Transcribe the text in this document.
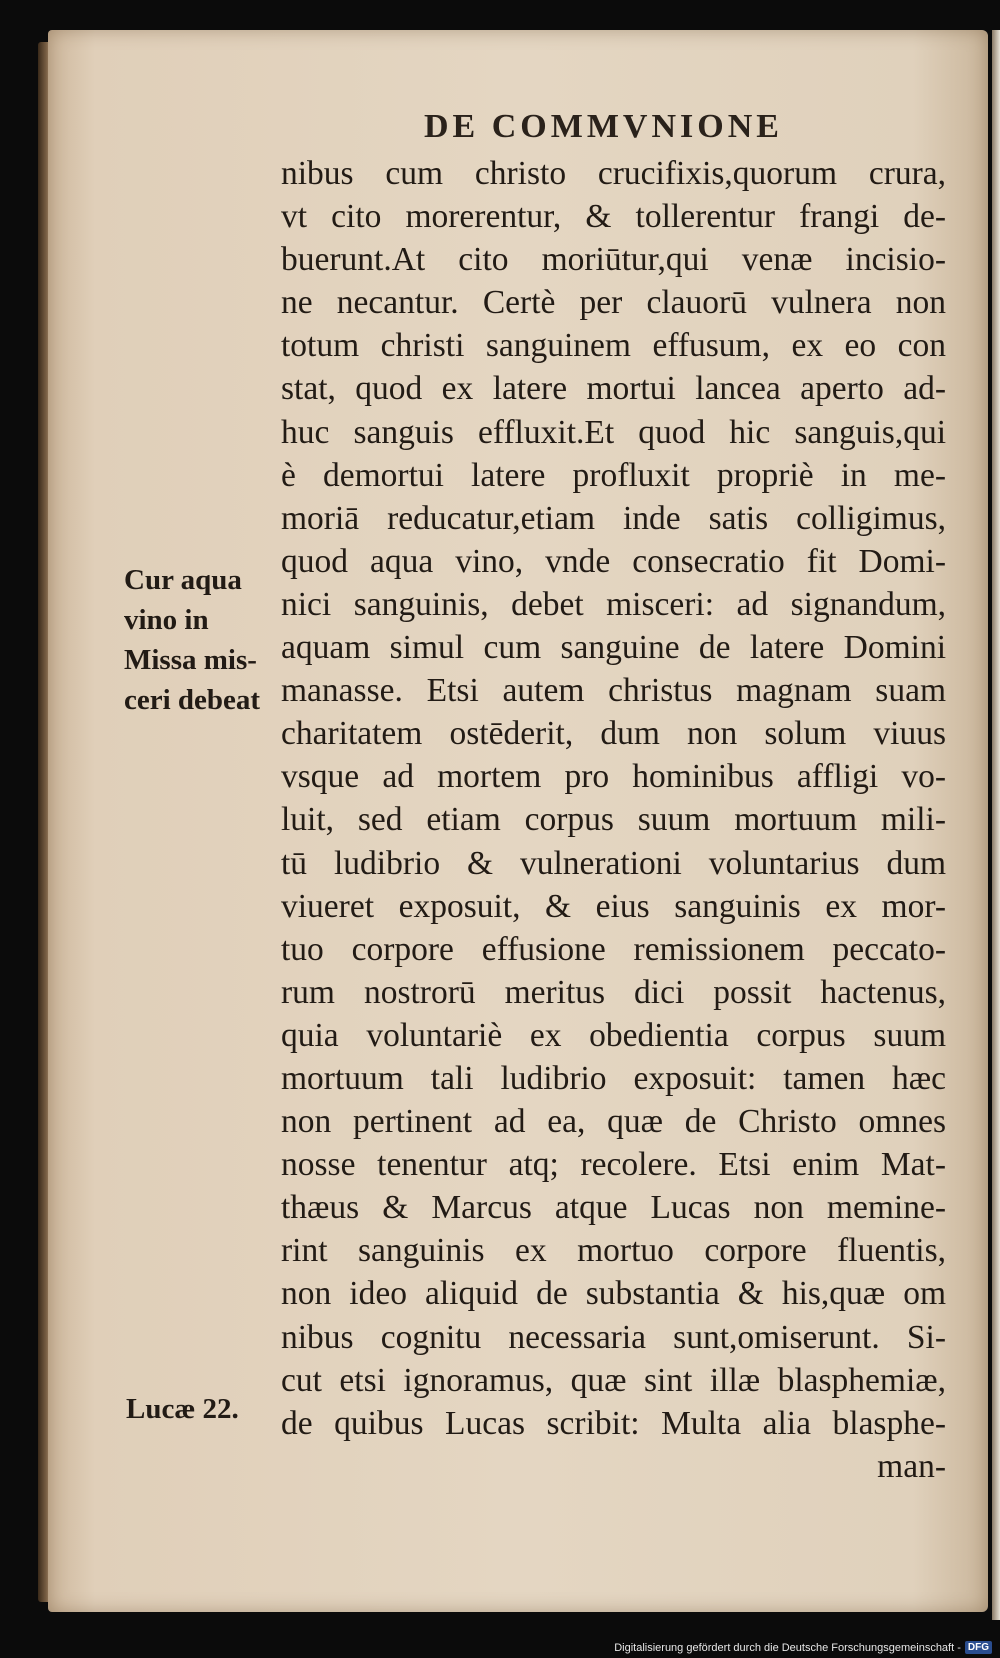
DE COMMVNIONE
nibus cum christo crucifixis,quorum crura,
vt cito morerentur, & tollerentur frangi de-
buerunt.At cito moriūtur,qui venæ incisio-
ne necantur. Certè per clauorū vulnera non
totum christi sanguinem effusum, ex eo con
stat, quod ex latere mortui lancea aperto ad-
huc sanguis effluxit.Et quod hic sanguis,qui
è demortui latere profluxit propriè in me-
moriā reducatur,etiam inde satis colligimus,
quod aqua vino, vnde consecratio fit Domi-
nici sanguinis, debet misceri: ad signandum,
aquam simul cum sanguine de latere Domini
manasse. Etsi autem christus magnam suam
charitatem ostēderit, dum non solum viuus
vsque ad mortem pro hominibus affligi vo-
luit, sed etiam corpus suum mortuum mili-
tū ludibrio & vulnerationi voluntarius dum
viueret exposuit, & eius sanguinis ex mor-
tuo corpore effusione remissionem peccato-
rum nostrorū meritus dici possit hactenus,
quia voluntariè ex obedientia corpus suum
mortuum tali ludibrio exposuit: tamen hæc
non pertinent ad ea, quæ de Christo omnes
nosse tenentur atq; recolere. Etsi enim Mat-
thæus & Marcus atque Lucas non memine-
rint sanguinis ex mortuo corpore fluentis,
non ideo aliquid de substantia & his,quæ om
nibus cognitu necessaria sunt,omiserunt. Si-
cut etsi ignoramus, quæ sint illæ blasphemiæ,
de quibus Lucas scribit: Multa alia blasphe-
man-
Cur aqua
vino in
Missa mis-
ceri debeat
Lucæ 22.
Digitalisierung gefördert durch die Deutsche Forschungsgemeinschaft - DFG
